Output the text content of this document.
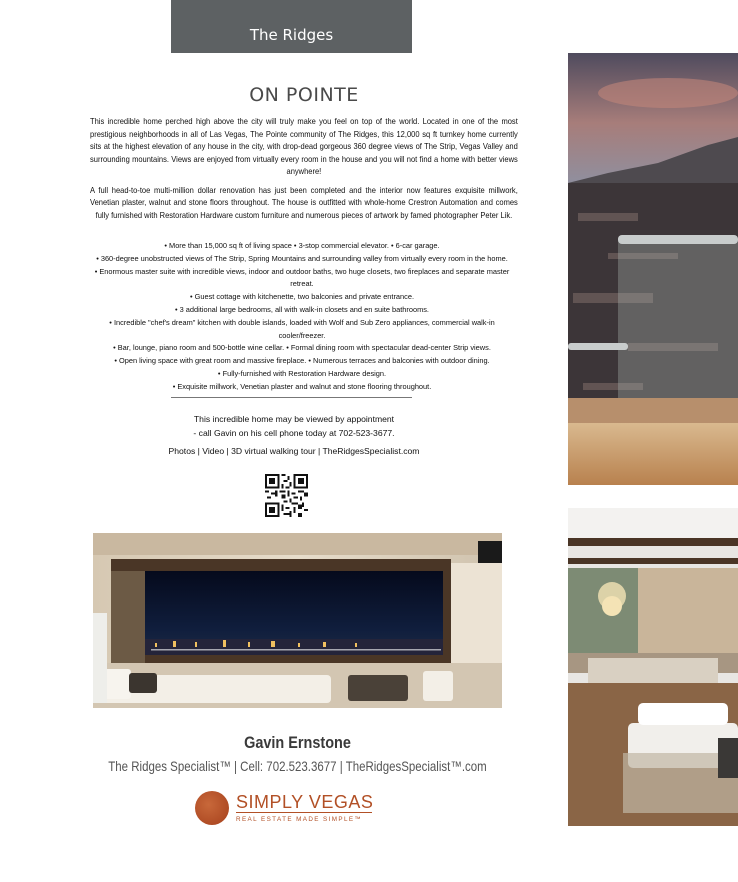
The Ridges
ON POINTE

This incredible home perched high above the city will truly make you feel on top of the world. Located in one of the most prestigious neighborhoods in all of Las Vegas, The Pointe community of The Ridges, this 12,000 sq ft turnkey home currently sits at the highest elevation of any house in the city, with drop-dead gorgeous 360 degree views of The Strip, Vegas Valley and surrounding mountains. Views are enjoyed from virtually every room in the house and you will not find a home with better views anywhere!

A full head-to-toe multi-million dollar renovation has just been completed and the interior now features exquisite millwork, Venetian plaster, walnut and stone floors throughout. The house is outfitted with whole-home Crestron Automation and comes fully furnished with Restoration Hardware custom furniture and numerous pieces of artwork by famed photographer Peter Lik.

• More than 15,000 sq ft of living space • 3-stop commercial elevator. • 6-car garage.
• 360-degree unobstructed views of The Strip, Spring Mountains and surrounding valley from virtually every room in the home.
• Enormous master suite with incredible views, indoor and outdoor baths, two huge closets, two fireplaces and separate master retreat.
• Guest cottage with kitchenette, two balconies and private entrance.
• 3 additional large bedrooms, all with walk-in closets and en suite bathrooms.
• Incredible "chef's dream" kitchen with double islands, loaded with Wolf and Sub Zero appliances, commercial walk-in cooler/freezer.
• Bar, lounge, piano room and 500-bottle wine cellar. • Formal dining room with spectacular dead-center Strip views.
• Open living space with great room and massive fireplace. • Numerous terraces and balconies with outdoor dining.
• Fully-furnished with Restoration Hardware design.
• Exquisite millwork, Venetian plaster and walnut and stone flooring throughout.
This incredible home may be viewed by appointment
- call Gavin on his cell phone today at 702-523-3677.
Photos | Video | 3D virtual walking tour | TheRidgesSpecialist.com
Gavin Ernstone
The Ridges Specialist™ | Cell: 702.523.3677 | TheRidgesSpecialist™.com
SIMPLY VEGAS
REAL ESTATE MADE SIMPLE™
